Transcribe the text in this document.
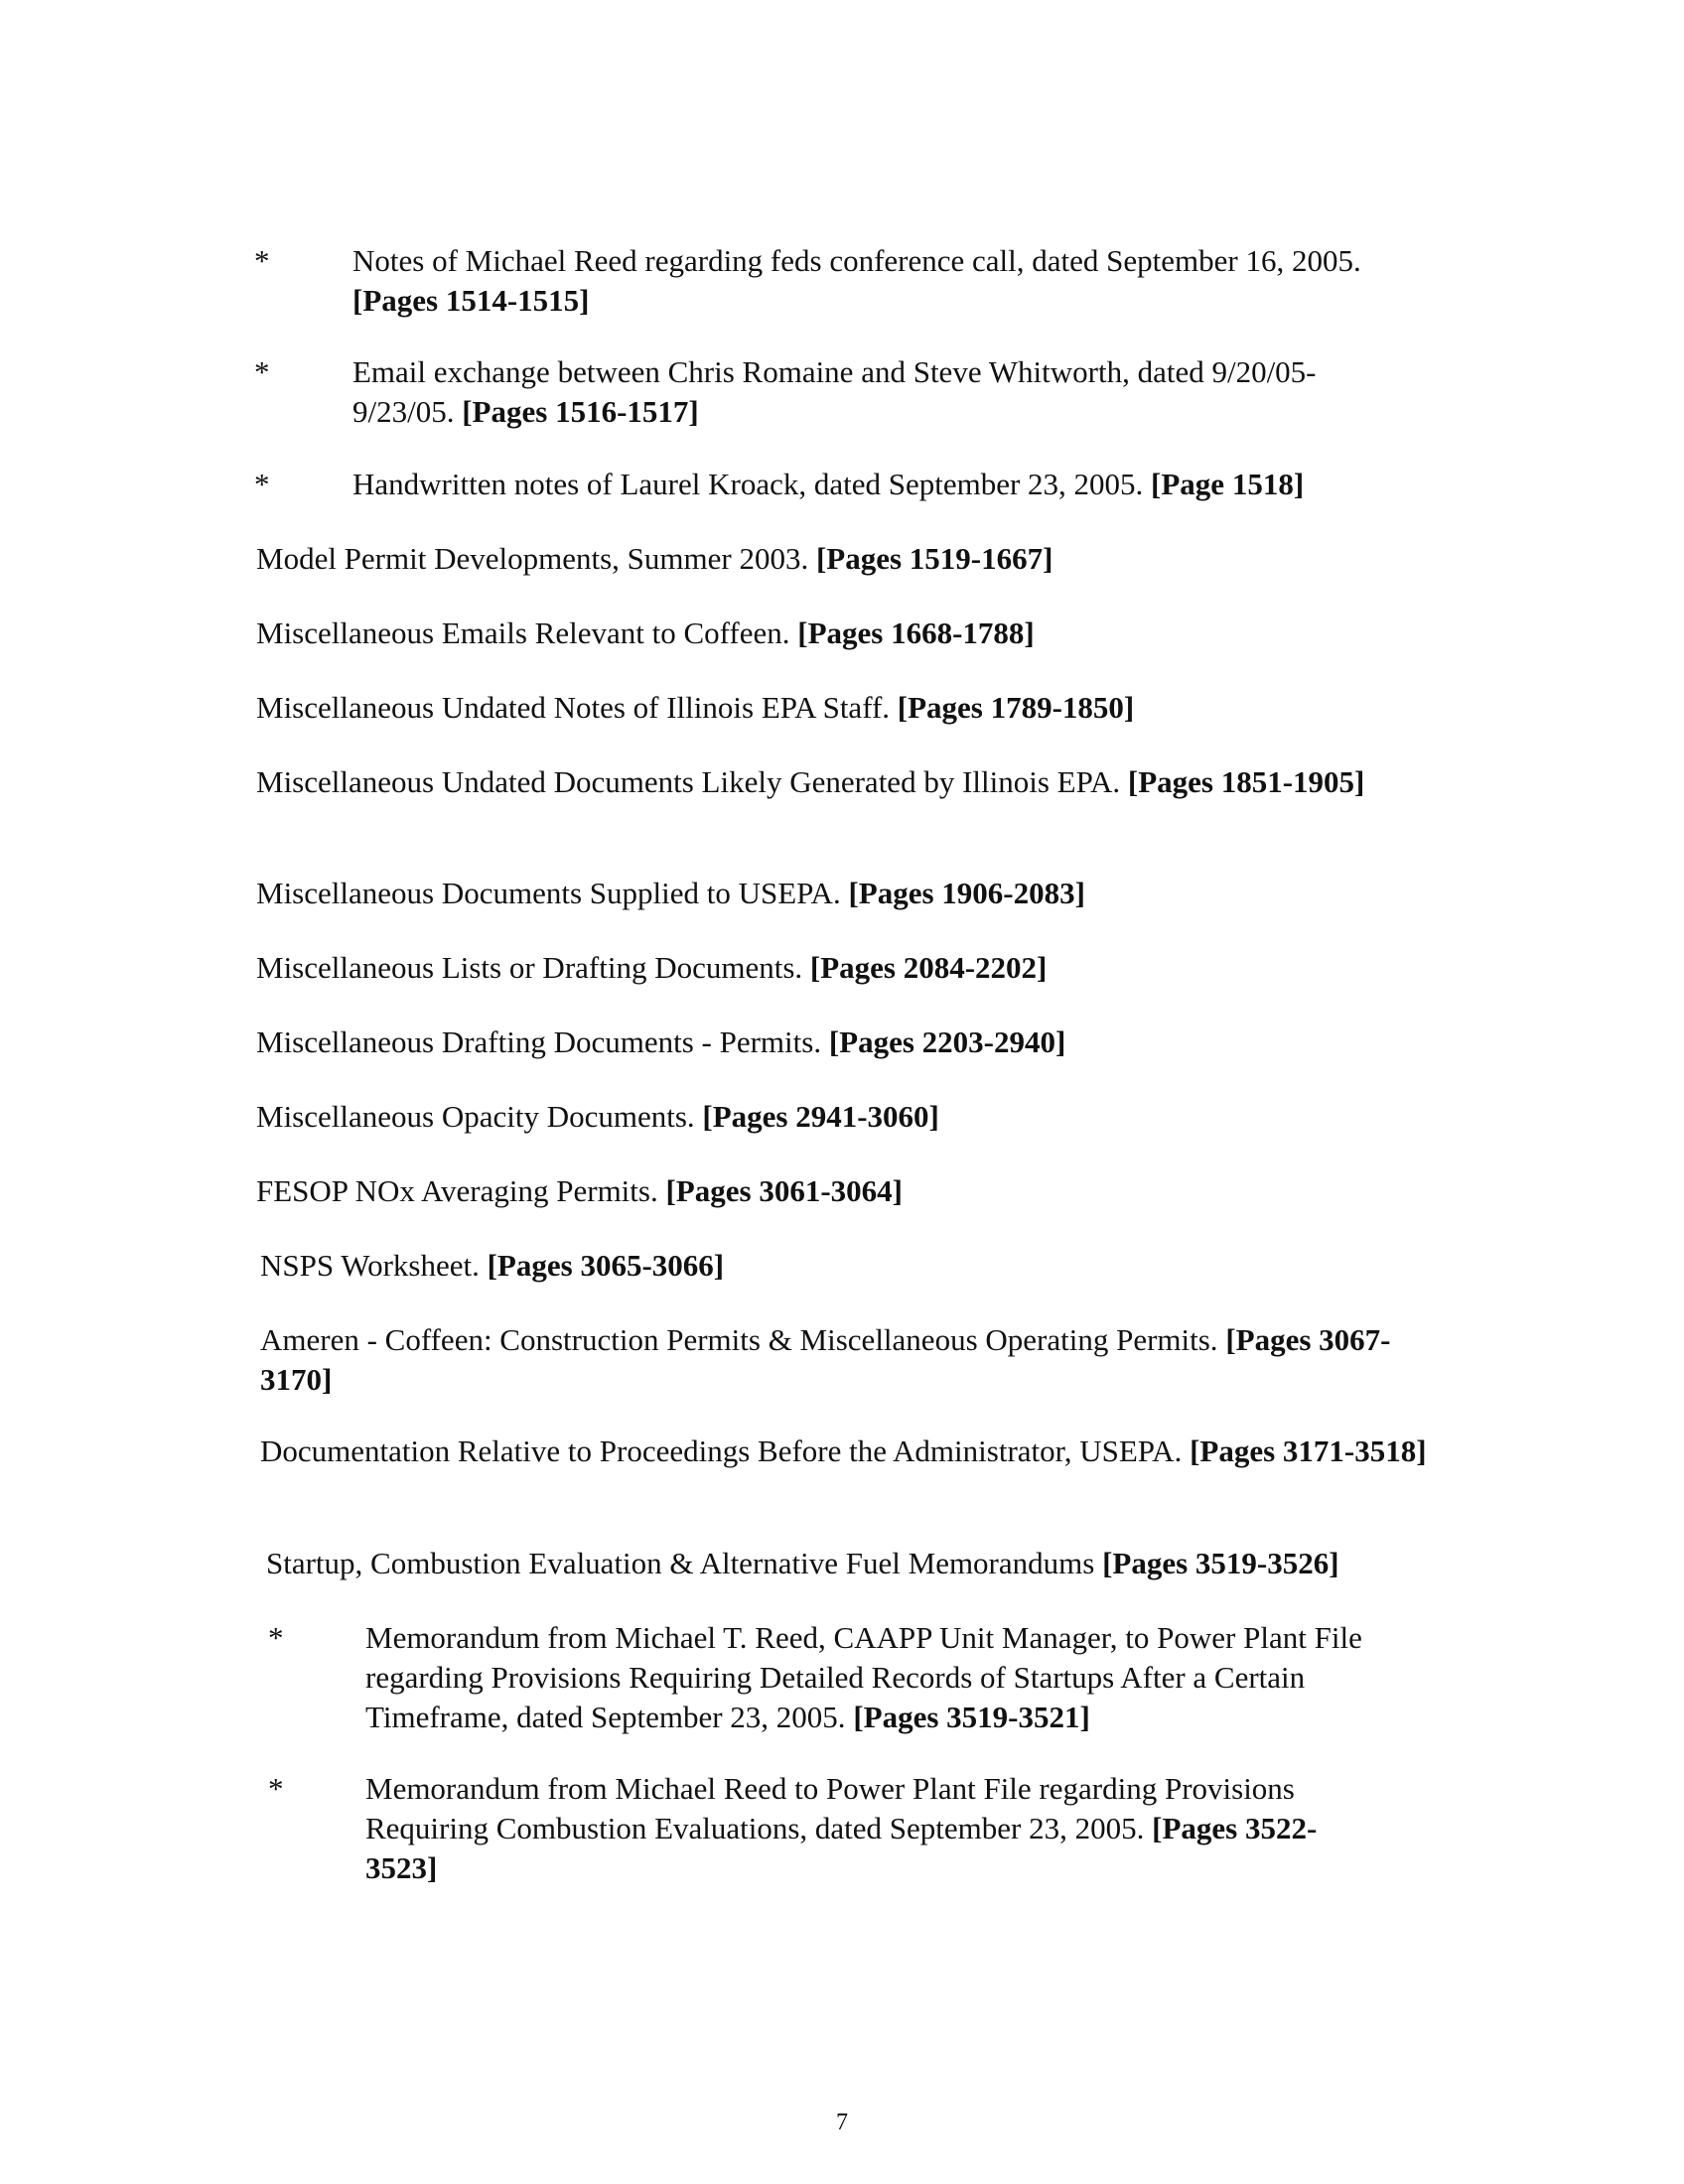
*	Notes of Michael Reed regarding feds conference call, dated September 16, 2005.
[Pages 1514-1515]
*	Email exchange between Chris Romaine and Steve Whitworth, dated 9/20/05-9/23/05. [Pages 1516-1517]
*	Handwritten notes of Laurel Kroack, dated September 23, 2005. [Page 1518]
Model Permit Developments, Summer 2003. [Pages 1519-1667]
Miscellaneous Emails Relevant to Coffeen. [Pages 1668-1788]
Miscellaneous Undated Notes of Illinois EPA Staff. [Pages 1789-1850]
Miscellaneous Undated Documents Likely Generated by Illinois EPA. [Pages 1851-1905]
Miscellaneous Documents Supplied to USEPA. [Pages 1906-2083]
Miscellaneous Lists or Drafting Documents. [Pages 2084-2202]
Miscellaneous Drafting Documents - Permits. [Pages 2203-2940]
Miscellaneous Opacity Documents. [Pages 2941-3060]
FESOP NOx Averaging Permits. [Pages 3061-3064]
NSPS Worksheet. [Pages 3065-3066]
Ameren - Coffeen: Construction Permits & Miscellaneous Operating Permits. [Pages 3067-3170]
Documentation Relative to Proceedings Before the Administrator, USEPA. [Pages 3171-3518]
Startup, Combustion Evaluation & Alternative Fuel Memorandums [Pages 3519-3526]
*	Memorandum from Michael T. Reed, CAAPP Unit Manager, to Power Plant File regarding Provisions Requiring Detailed Records of Startups After a Certain Timeframe, dated September 23, 2005. [Pages 3519-3521]
*	Memorandum from Michael Reed to Power Plant File regarding Provisions Requiring Combustion Evaluations, dated September 23, 2005. [Pages 3522-3523]
7
